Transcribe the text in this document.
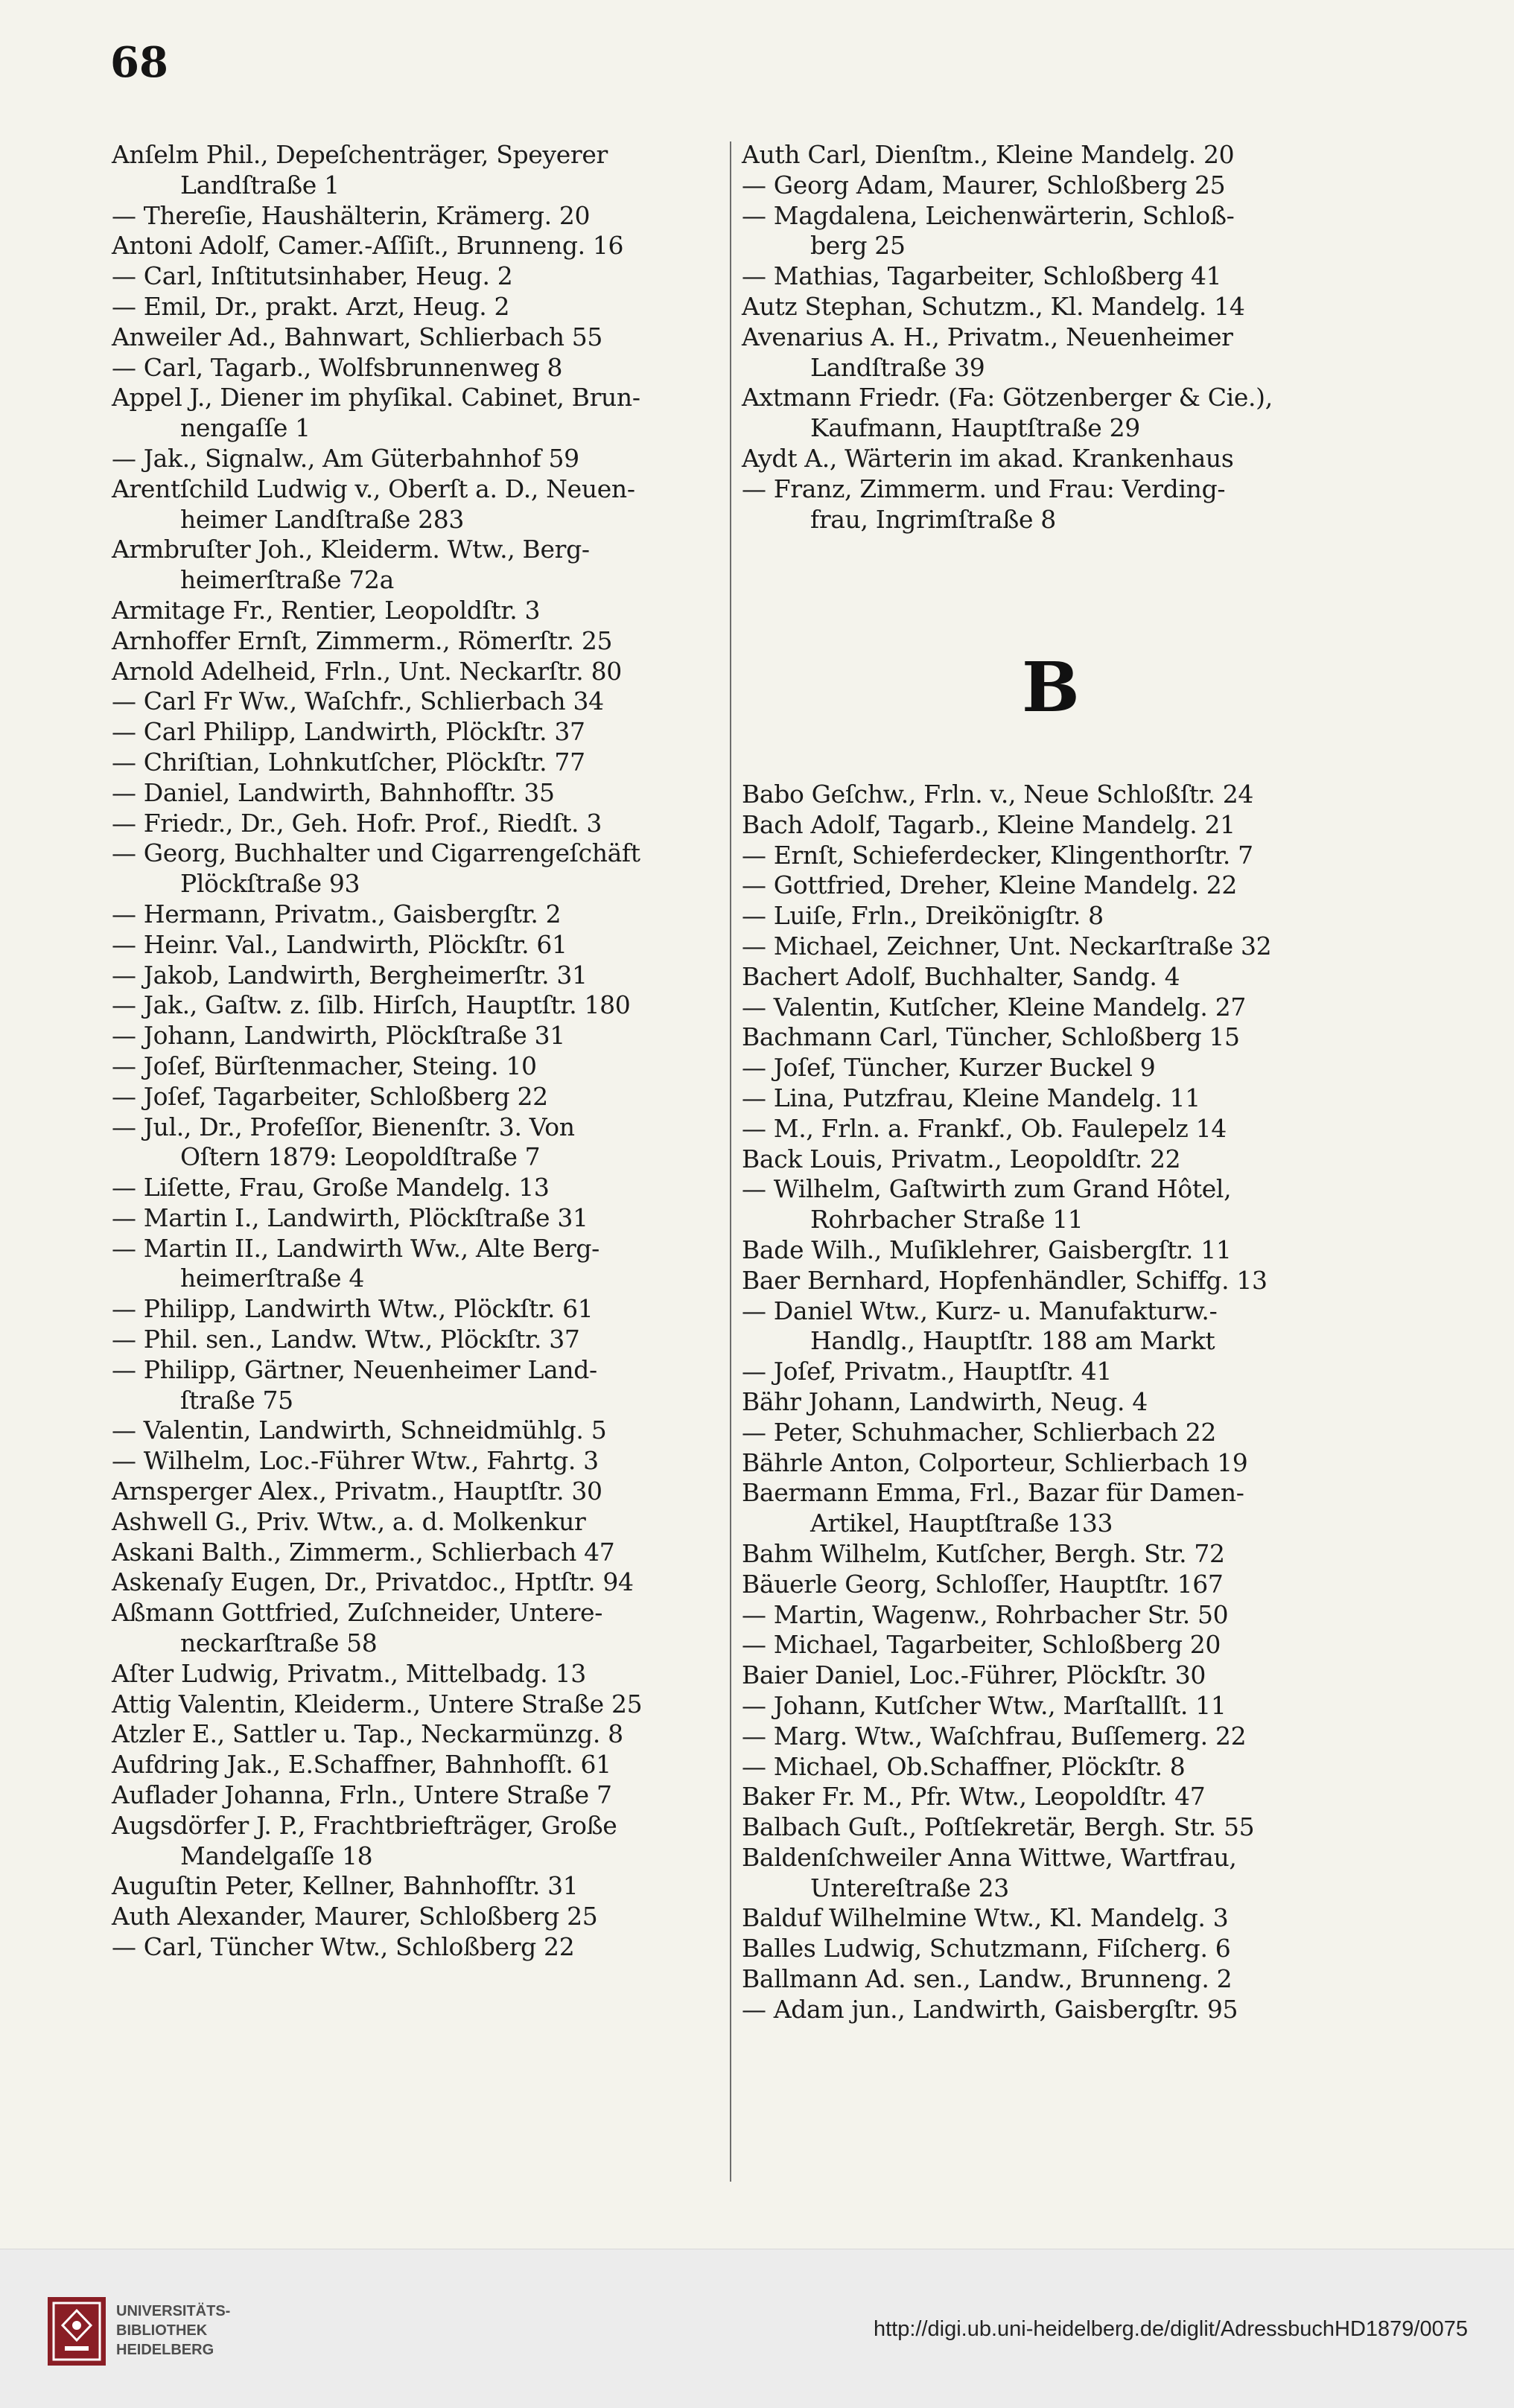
68
Anſelm Phil., Depeſchenträger, Speyerer
Landſtraße 1
— Thereſie, Haushälterin, Krämerg. 20
Antoni Adolf, Camer.-Aſſiſt., Brunneng. 16
— Carl, Inſtitutsinhaber, Heug. 2
— Emil, Dr., prakt. Arzt, Heug. 2
Anweiler Ad., Bahnwart, Schlierbach 55
— Carl, Tagarb., Wolfsbrunnenweg 8
Appel J., Diener im phyſikal. Cabinet, Brun-
nengaſſe 1
— Jak., Signalw., Am Güterbahnhof 59
Arentſchild Ludwig v., Oberſt a. D., Neuen-
heimer Landſtraße 283
Armbruſter Joh., Kleiderm. Wtw., Berg-
heimerſtraße 72a
Armitage Fr., Rentier, Leopoldſtr. 3
Arnhoffer Ernſt, Zimmerm., Römerſtr. 25
Arnold Adelheid, Frln., Unt. Neckarſtr. 80
— Carl Fr Ww., Waſchfr., Schlierbach 34
— Carl Philipp, Landwirth, Plöckſtr. 37
— Chriſtian, Lohnkutſcher, Plöckſtr. 77
— Daniel, Landwirth, Bahnhofſtr. 35
— Friedr., Dr., Geh. Hofr. Prof., Riedſt. 3
— Georg, Buchhalter und Cigarrengeſchäft
Plöckſtraße 93
— Hermann, Privatm., Gaisbergſtr. 2
— Heinr. Val., Landwirth, Plöckſtr. 61
— Jakob, Landwirth, Bergheimerſtr. 31
— Jak., Gaſtw. z. ſilb. Hirſch, Hauptſtr. 180
— Johann, Landwirth, Plöckſtraße 31
— Joſef, Bürſtenmacher, Steing. 10
— Joſef, Tagarbeiter, Schloßberg 22
— Jul., Dr., Profeſſor, Bienenſtr. 3. Von
Oſtern 1879: Leopoldſtraße 7
— Liſette, Frau, Große Mandelg. 13
— Martin I., Landwirth, Plöckſtraße 31
— Martin II., Landwirth Ww., Alte Berg-
heimerſtraße 4
— Philipp, Landwirth Wtw., Plöckſtr. 61
— Phil. sen., Landw. Wtw., Plöckſtr. 37
— Philipp, Gärtner, Neuenheimer Land-
ſtraße 75
— Valentin, Landwirth, Schneidmühlg. 5
— Wilhelm, Loc.-Führer Wtw., Fahrtg. 3
Arnsperger Alex., Privatm., Hauptſtr. 30
Ashwell G., Priv. Wtw., a. d. Molkenkur
Askani Balth., Zimmerm., Schlierbach 47
Askenaſy Eugen, Dr., Privatdoc., Hptſtr. 94
Aßmann Gottfried, Zuſchneider, Untere-
neckarſtraße 58
Aſter Ludwig, Privatm., Mittelbadg. 13
Attig Valentin, Kleiderm., Untere Straße 25
Atzler E., Sattler u. Tap., Neckarmünzg. 8
Aufdring Jak., E.Schaffner, Bahnhofſt. 61
Auflader Johanna, Frln., Untere Straße 7
Augsdörfer J. P., Frachtbriefträger, Große
Mandelgaſſe 18
Auguſtin Peter, Kellner, Bahnhofſtr. 31
Auth Alexander, Maurer, Schloßberg 25
— Carl, Tüncher Wtw., Schloßberg 22
Auth Carl, Dienſtm., Kleine Mandelg. 20
— Georg Adam, Maurer, Schloßberg 25
— Magdalena, Leichenwärterin, Schloß-
berg 25
— Mathias, Tagarbeiter, Schloßberg 41
Autz Stephan, Schutzm., Kl. Mandelg. 14
Avenarius A. H., Privatm., Neuenheimer
Landſtraße 39
Axtmann Friedr. (Fa: Götzenberger & Cie.),
Kaufmann, Hauptſtraße 29
Aydt A., Wärterin im akad. Krankenhaus
— Franz, Zimmerm. und Frau: Verding-
frau, Ingrimſtraße 8
Babo Geſchw., Frln. v., Neue Schloßſtr. 24
Bach Adolf, Tagarb., Kleine Mandelg. 21
— Ernſt, Schieferdecker, Klingenthorſtr. 7
— Gottfried, Dreher, Kleine Mandelg. 22
— Luiſe, Frln., Dreikönigſtr. 8
— Michael, Zeichner, Unt. Neckarſtraße 32
Bachert Adolf, Buchhalter, Sandg. 4
— Valentin, Kutſcher, Kleine Mandelg. 27
Bachmann Carl, Tüncher, Schloßberg 15
— Joſef, Tüncher, Kurzer Buckel 9
— Lina, Putzfrau, Kleine Mandelg. 11
— M., Frln. a. Frankf., Ob. Faulepelz 14
Back Louis, Privatm., Leopoldſtr. 22
— Wilhelm, Gaſtwirth zum Grand Hôtel,
Rohrbacher Straße 11
Bade Wilh., Muſiklehrer, Gaisbergſtr. 11
Baer Bernhard, Hopfenhändler, Schiffg. 13
— Daniel Wtw., Kurz- u. Manufakturw.-
Handlg., Hauptſtr. 188 am Markt
— Joſef, Privatm., Hauptſtr. 41
Bähr Johann, Landwirth, Neug. 4
— Peter, Schuhmacher, Schlierbach 22
Bährle Anton, Colporteur, Schlierbach 19
Baermann Emma, Frl., Bazar für Damen-
Artikel, Hauptſtraße 133
Bahm Wilhelm, Kutſcher, Bergh. Str. 72
Bäuerle Georg, Schloſſer, Hauptſtr. 167
— Martin, Wagenw., Rohrbacher Str. 50
— Michael, Tagarbeiter, Schloßberg 20
Baier Daniel, Loc.-Führer, Plöckſtr. 30
— Johann, Kutſcher Wtw., Marſtallſt. 11
— Marg. Wtw., Waſchfrau, Buſſemerg. 22
— Michael, Ob.Schaffner, Plöckſtr. 8
Baker Fr. M., Pfr. Wtw., Leopoldſtr. 47
Balbach Guſt., Poſtſekretär, Bergh. Str. 55
Baldenſchweiler Anna Wittwe, Wartfrau,
Untereſtraße 23
Balduf Wilhelmine Wtw., Kl. Mandelg. 3
Balles Ludwig, Schutzmann, Fiſcherg. 6
Ballmann Ad. sen., Landw., Brunneng. 2
— Adam jun., Landwirth, Gaisbergſtr. 95
B
UNIVERSITÄTS-
BIBLIOTHEK
HEIDELBERG
http://digi.ub.uni-heidelberg.de/diglit/AdressbuchHD1879/0075
